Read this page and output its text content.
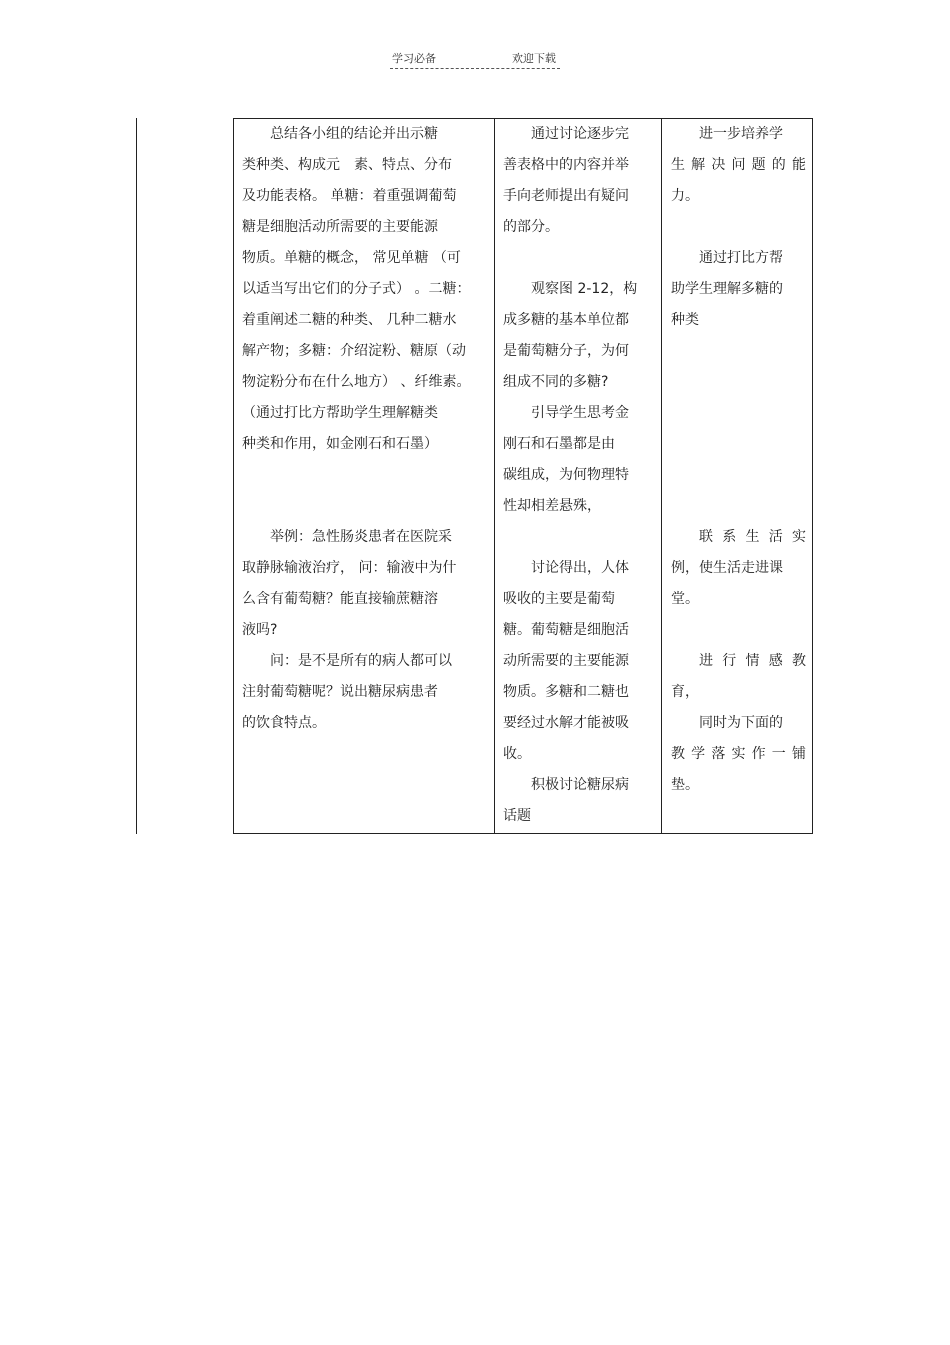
学习必备	欢迎下载
总结各小组的结论并出示糖
类种类、构成元　素、特点、分布
及功能表格。 单糖：着重强调葡萄
糖是细胞活动所需要的主要能源
物质。单糖的概念， 常见单糖 （可
以适当写出它们的分子式） 。二糖：
着重阐述二糖的种类、 几种二糖水
解产物；多糖：介绍淀粉、糖原（动
物淀粉分布在什么地方） 、纤维素。
（通过打比方帮助学生理解糖类
种类和作用，如金刚石和石墨）
举例：急性肠炎患者在医院采
取静脉输液治疗， 问：输液中为什
么含有葡萄糖？能直接输蔗糖溶
液吗?
问：是不是所有的病人都可以
注射葡萄糖呢？说出糖尿病患者
的饮食特点。
通过讨论逐步完
善表格中的内容并举
手向老师提出有疑问
的部分。
观察图 2-12，构
成多糖的基本单位都
是葡萄糖分子，为何
组成不同的多糖?
引导学生思考金
刚石和石墨都是由
碳组成，为何物理特
性却相差悬殊，
讨论得出，人体
吸收的主要是葡萄
糖。葡萄糖是细胞活
动所需要的主要能源
物质。多糖和二糖也
要经过水解才能被吸
收。
积极讨论糖尿病
话题
进一步培养学
生 解 决 问 题 的 能
力。
通过打比方帮
助学生理解多糖的
种类
联 系 生 活 实
例，使生活走进课
堂。
进 行 情 感 教
育，
同时为下面的
教 学 落 实 作 一 铺
垫。
